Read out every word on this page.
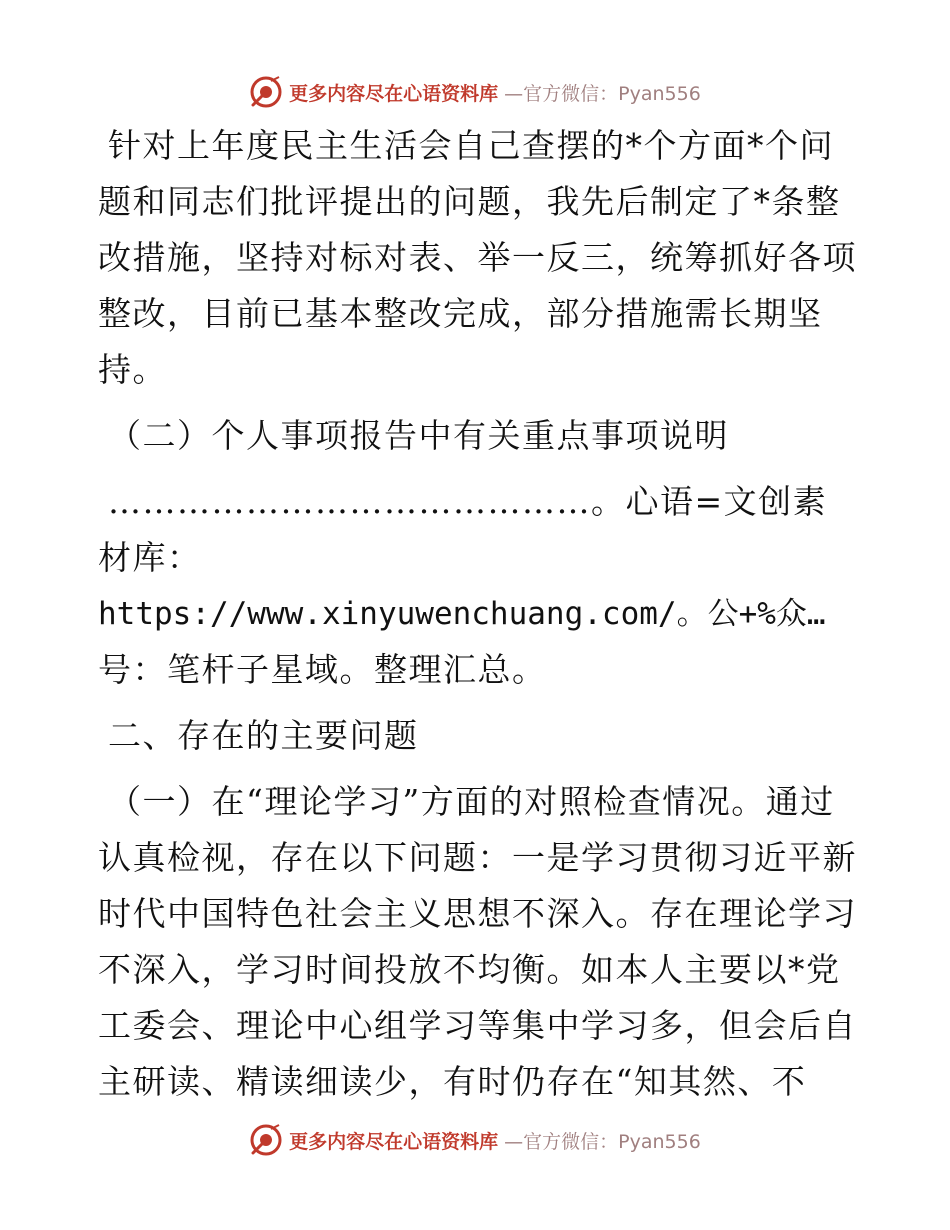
更多内容尽在心语资料库 —官方微信：Pyan556

针对上年度民主生活会自己查摆的*个方面*个问题和同志们批评提出的问题，我先后制定了*条整改措施，坚持对标对表、举一反三，统筹抓好各项整改，目前已基本整改完成，部分措施需长期坚持。

（二）个人事项报告中有关重点事项说明

……………………………………。心语=文创素材库：

https://www.xinyuwenchuang.com/。公+%众…

号：笔杆子星域。整理汇总。

二、存在的主要问题

（一）在“理论学习”方面的对照检查情况。通过认真检视，存在以下问题：一是学习贯彻习近平新时代中国特色社会主义思想不深入。存在理论学习不深入，学习时间投放不均衡。如本人主要以*党工委会、理论中心组学习等集中学习多，但会后自主研读、精读细读少，有时仍存在“知其然、不

更多内容尽在心语资料库 —官方微信：Pyan556
